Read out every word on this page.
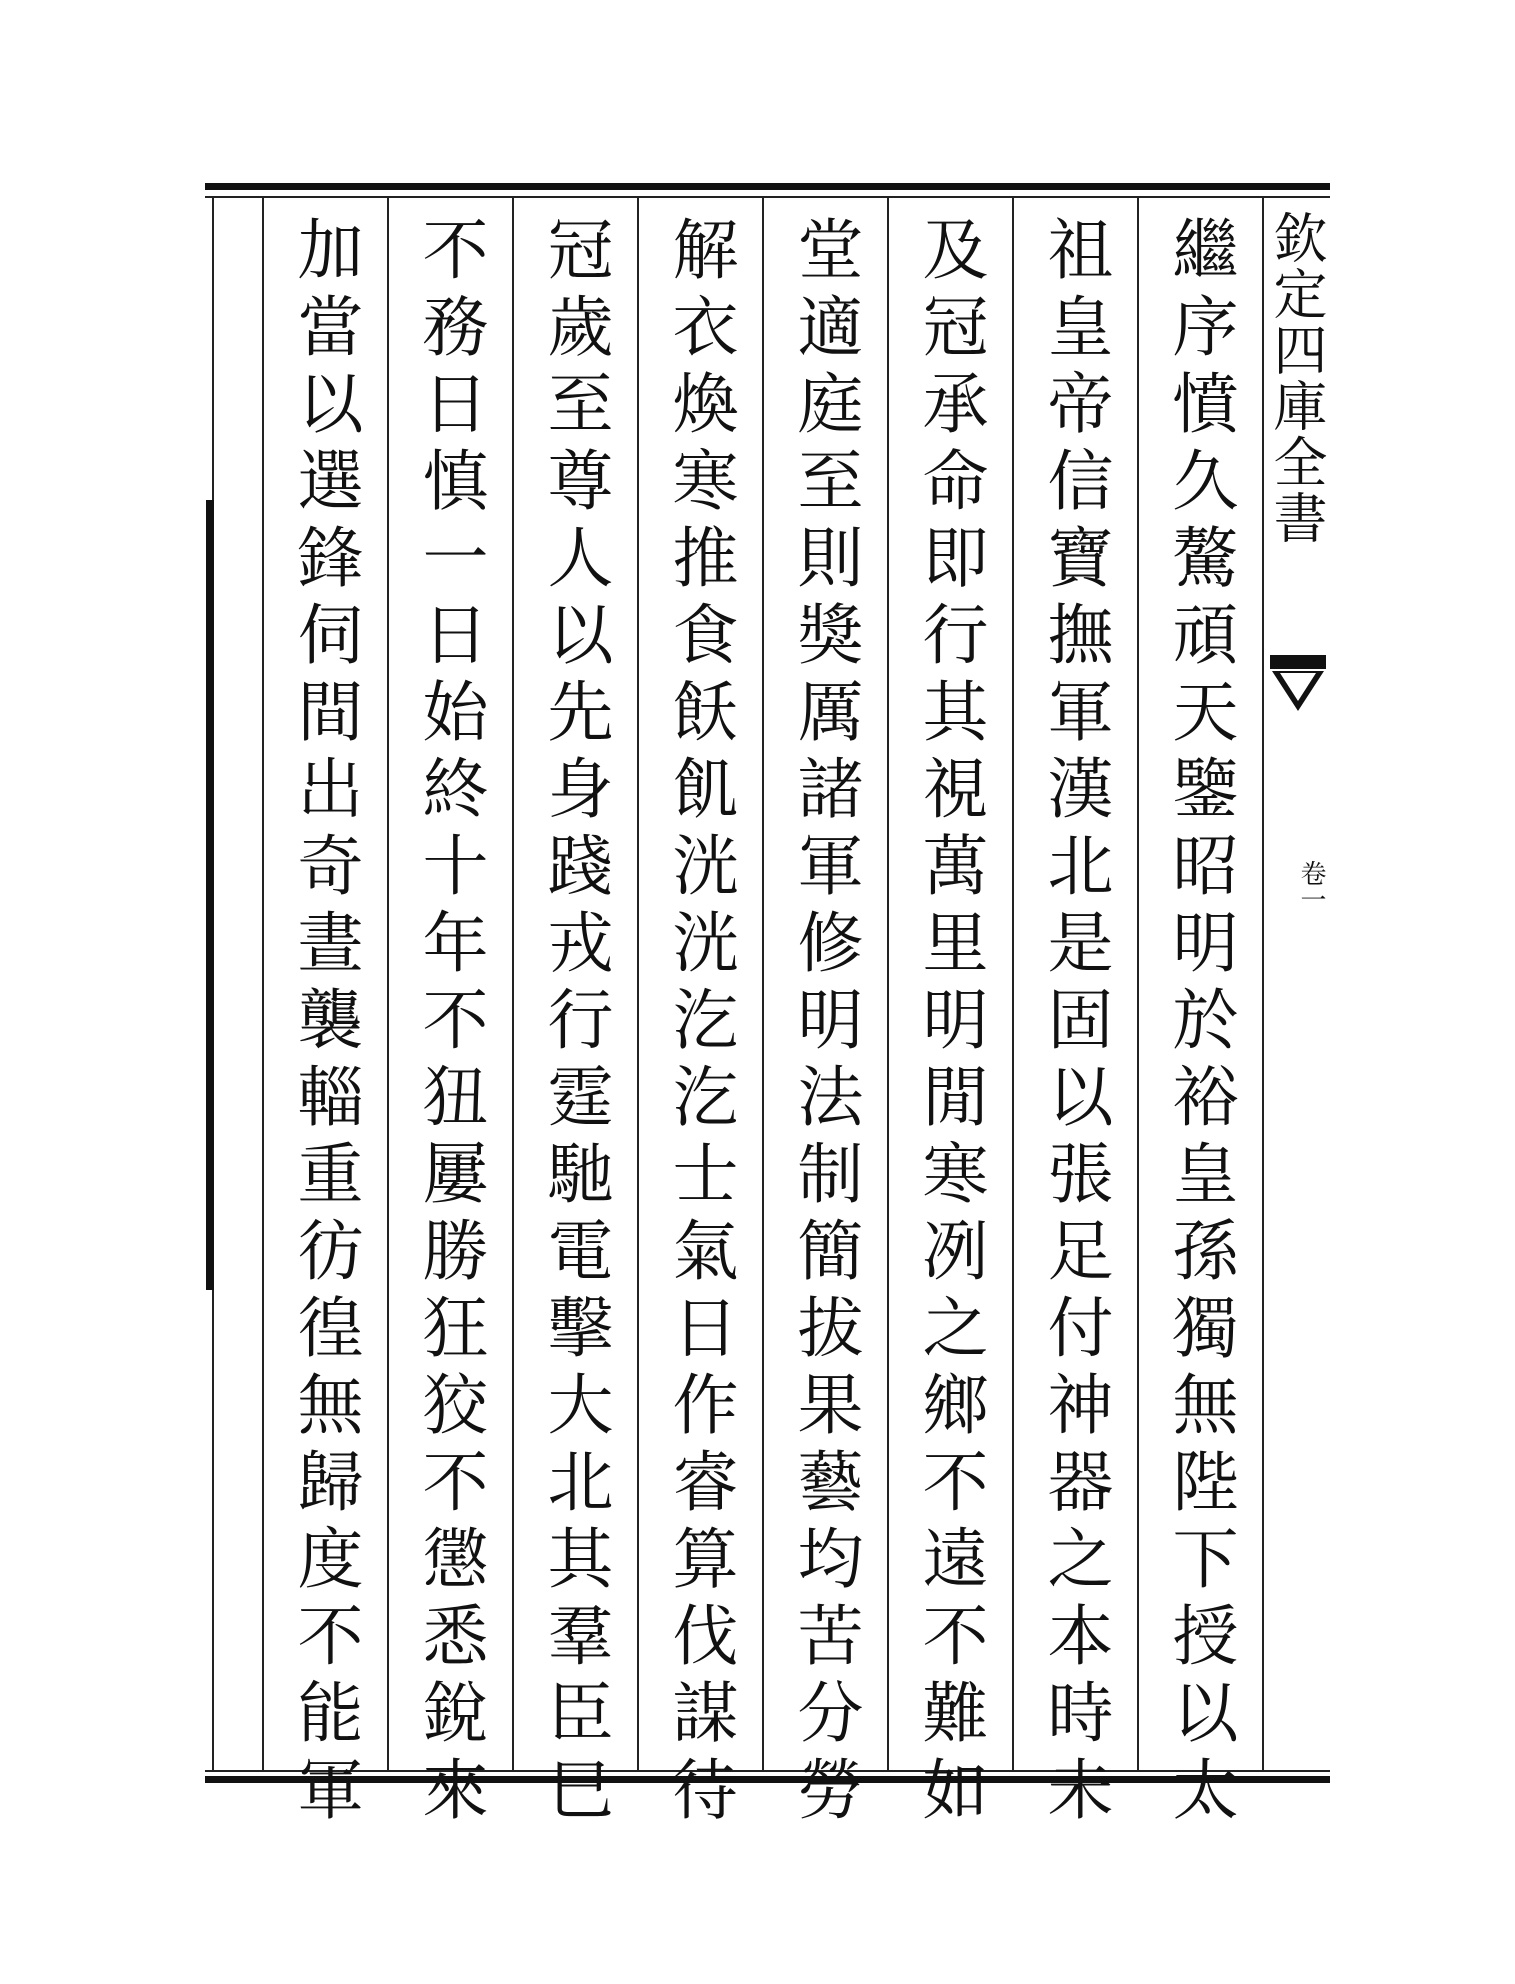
欽定四庫全書
卷一
繼序憤久驁頑天鑒昭明於裕皇孫獨無陛下授以太
祖皇帝信寶撫軍漢北是固以張足付神器之本時未
及冠承命即行其視萬里明閒寒冽之鄉不遠不難如
堂適庭至則獎厲諸軍修明法制簡拔果藝均苦分勞
解衣煥寒推食飫飢洸洸汔汔士氣日作睿算伐謀待
冠歲至尊人以先身踐戎行霆馳電擊大北其羣臣巳
不務日慎一日始終十年不狃屢勝狂狡不懲悉銳來
加當以選鋒伺間出奇晝襲輜重彷徨無歸度不能軍
